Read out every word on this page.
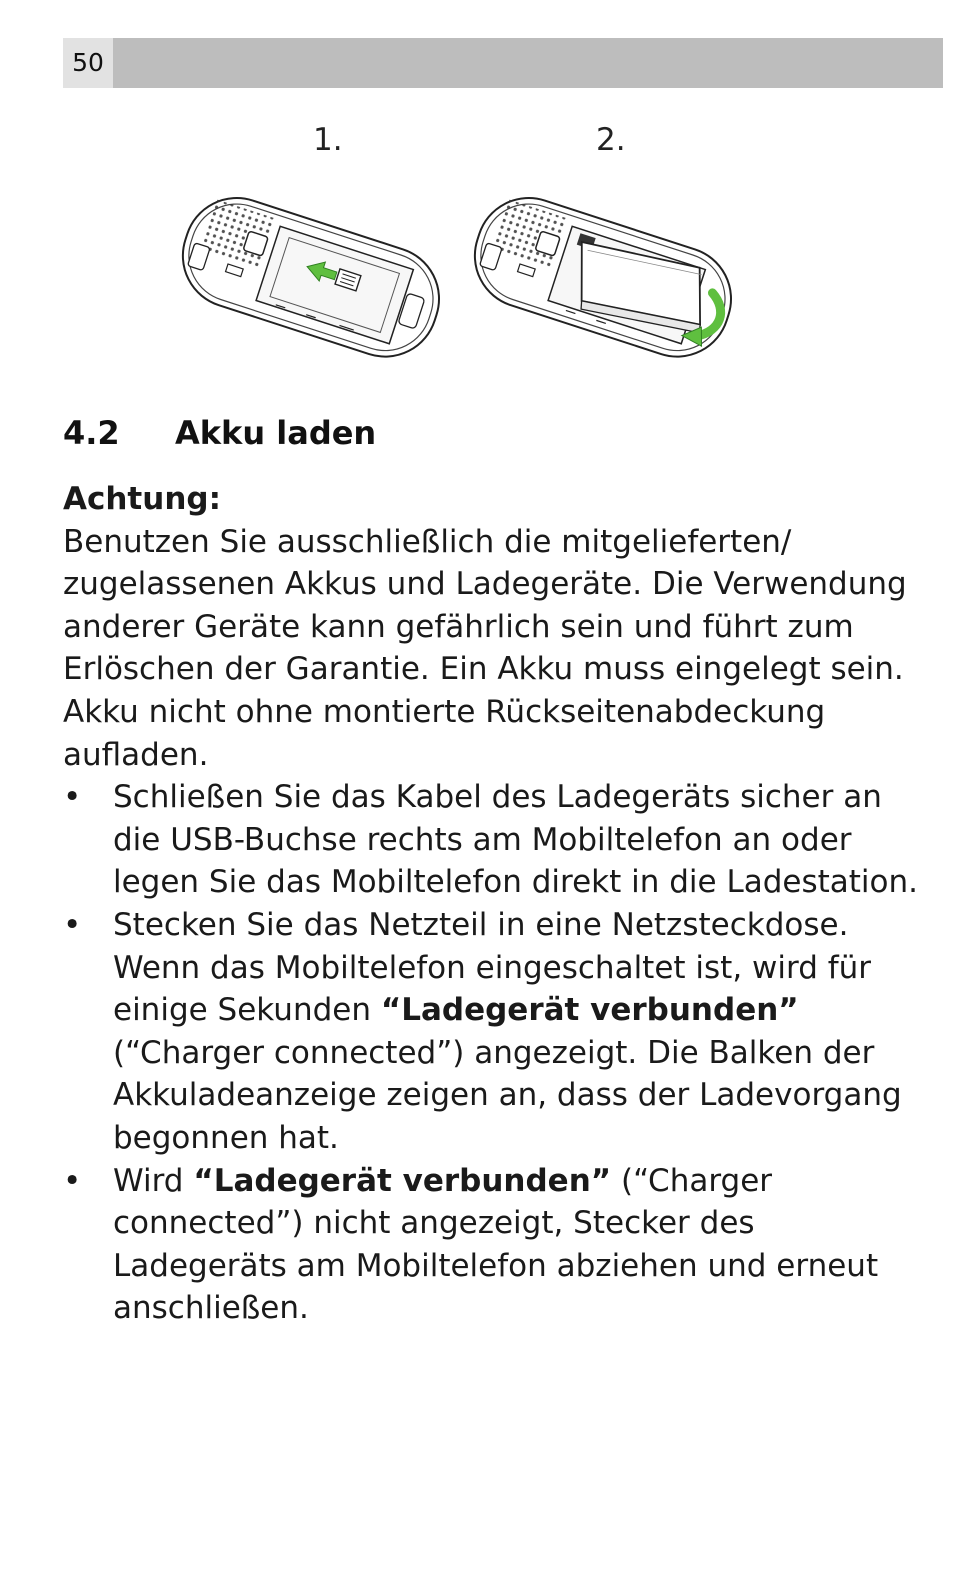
50
1.	2.
4.2 Akku laden

Achtung:

Benutzen Sie ausschließlich die mitgelieferten/ zugelassenen Akkus und Ladegeräte. Die Verwendung anderer Geräte kann gefährlich sein und führt zum Erlöschen der Garantie. Ein Akku muss eingelegt sein.

Akku nicht ohne montierte Rückseitenabdeckung aufladen.

• Schließen Sie das Kabel des Ladegeräts sicher an die USB-Buchse rechts am Mobiltelefon an oder legen Sie das Mobiltelefon direkt in die Ladestation.
• Stecken Sie das Netzteil in eine Netzsteckdose. Wenn das Mobiltelefon eingeschaltet ist, wird für einige Sekunden “Ladegerät verbunden” (“Charger connected”) angezeigt. Die Balken der Akkuladeanzeige zeigen an, dass der Ladevorgang begonnen hat.
• Wird “Ladegerät verbunden” (“Charger connected”) nicht angezeigt, Stecker des Ladegeräts am Mobiltelefon abziehen und erneut anschließen.
